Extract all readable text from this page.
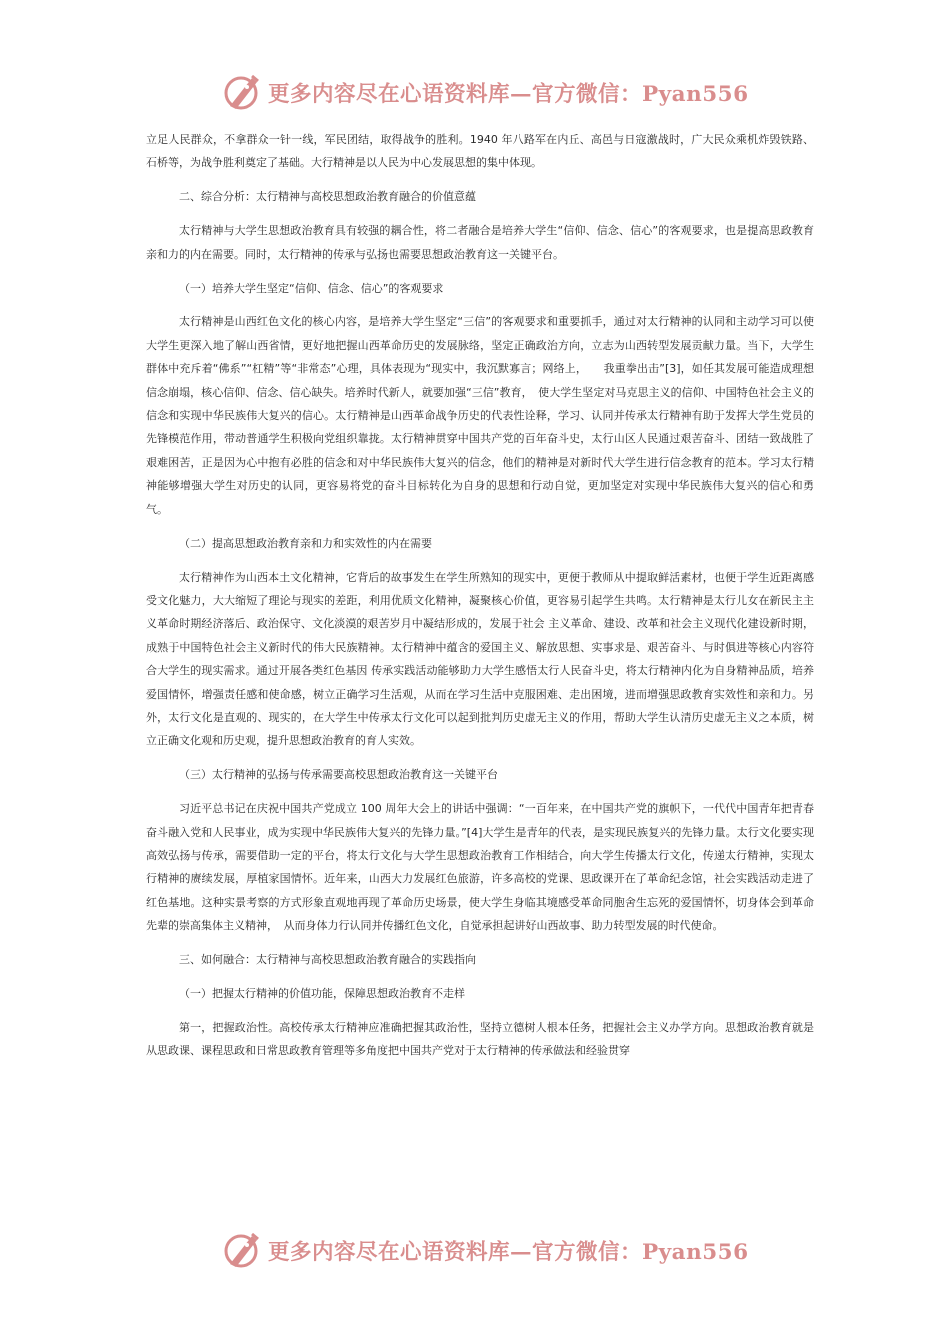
更多内容尽在心语资料库—官方微信：Pyan556

立足人民群众，不拿群众一针一线，军民团结，取得战争的胜利。1940 年八路军在内丘、高邑与日寇激战时，广大民众乘机炸毁铁路、石桥等，为战争胜利奠定了基础。大行精神是以人民为中心发展思想的集中体现。

二、综合分析：太行精神与高校思想政治教育融合的价值意蕴

太行精神与大学生思想政治教育具有较强的耦合性，将二者融合是培养大学生“信仰、信念、信心”的客观要求，也是提高思政教育亲和力的内在需要。同时，太行精神的传承与弘扬也需要思想政治教育这一关键平台。

（一）培养大学生坚定“信仰、信念、信心”的客观要求

太行精神是山西红色文化的核心内容，是培养大学生坚定“三信”的客观要求和重要抓手，通过对太行精神的认同和主动学习可以使大学生更深入地了解山西省情，更好地把握山西革命历史的发展脉络，坚定正确政治方向，立志为山西转型发展贡献力量。当下，大学生群体中充斥着“佛系”“杠精”等“非常态”心理，具体表现为“现实中，我沉默寡言；网络上，　　我重拳出击”[3]，如任其发展可能造成理想信念崩塌，核心信仰、信念、信心缺失。培养时代新人，就要加强“三信”教育，　使大学生坚定对马克思主义的信仰、中国特色社会主义的信念和实现中华民族伟大复兴的信心。太行精神是山西革命战争历史的代表性诠释，学习、认同并传承太行精神有助于发挥大学生党员的先锋模范作用，带动普通学生积极向党组织靠拢。太行精神贯穿中国共产党的百年奋斗史，太行山区人民通过艰苦奋斗、团结一致战胜了艰难困苦，正是因为心中抱有必胜的信念和对中华民族伟大复兴的信念，他们的精神是对新时代大学生进行信念教育的范本。学习太行精神能够增强大学生对历史的认同，更容易将党的奋斗目标转化为自身的思想和行动自觉，更加坚定对实现中华民族伟大复兴的信心和勇气。

（二）提高思想政治教育亲和力和实效性的内在需要

太行精神作为山西本土文化精神，它背后的故事发生在学生所熟知的现实中，更便于教师从中提取鲜活素材，也便于学生近距离感受文化魅力，大大缩短了理论与现实的差距，利用优质文化精神，凝聚核心价值，更容易引起学生共鸣。太行精神是太行儿女在新民主主义革命时期经济落后、政治保守、文化淡漠的艰苦岁月中凝结形成的，发展于社会 主义革命、建设、改革和社会主义现代化建设新时期，成熟于中国特色社会主义新时代的伟大民族精神。太行精神中蕴含的爱国主义、解放思想、实事求是、艰苦奋斗、与时俱进等核心内容符合大学生的现实需求。通过开展各类红色基因 传承实践活动能够助力大学生感悟太行人民奋斗史，将太行精神内化为自身精神品质，培养爱国情怀，增强责任感和使命感，树立正确学习生活观，从而在学习生活中克服困难、走出困境，进而增强思政教育实效性和亲和力。另外，太行文化是直观的、现实的，在大学生中传承太行文化可以起到批判历史虚无主义的作用，帮助大学生认清历史虚无主义之本质，树立正确文化观和历史观，提升思想政治教育的育人实效。

（三）太行精神的弘扬与传承需要高校思想政治教育这一关键平台

习近平总书记在庆祝中国共产党成立 100 周年大会上的讲话中强调：“一百年来，在中国共产党的旗帜下，一代代中国青年把青春奋斗融入党和人民事业，成为实现中华民族伟大复兴的先锋力量。”[4]大学生是青年的代表，是实现民族复兴的先锋力量。太行文化要实现高效弘扬与传承，需要借助一定的平台，将太行文化与大学生思想政治教育工作相结合，向大学生传播太行文化，传递太行精神，实现太行精神的赓续发展，厚植家国情怀。近年来，山西大力发展红色旅游，许多高校的党课、思政课开在了革命纪念馆，社会实践活动走进了红色基地。这种实景考察的方式形象直观地再现了革命历史场景，使大学生身临其境感受革命同胞舍生忘死的爱国情怀，切身体会到革命先辈的崇高集体主义精神，　从而身体力行认同并传播红色文化，自觉承担起讲好山西故事、助力转型发展的时代使命。

三、如何融合：太行精神与高校思想政治教育融合的实践指向

（一）把握太行精神的价值功能，保障思想政治教育不走样

第一，把握政治性。高校传承太行精神应准确把握其政治性，坚持立德树人根本任务，把握社会主义办学方向。思想政治教育就是从思政课、课程思政和日常思政教育管理等多角度把中国共产党对于太行精神的传承做法和经验贯穿

更多内容尽在心语资料库—官方微信：Pyan556
